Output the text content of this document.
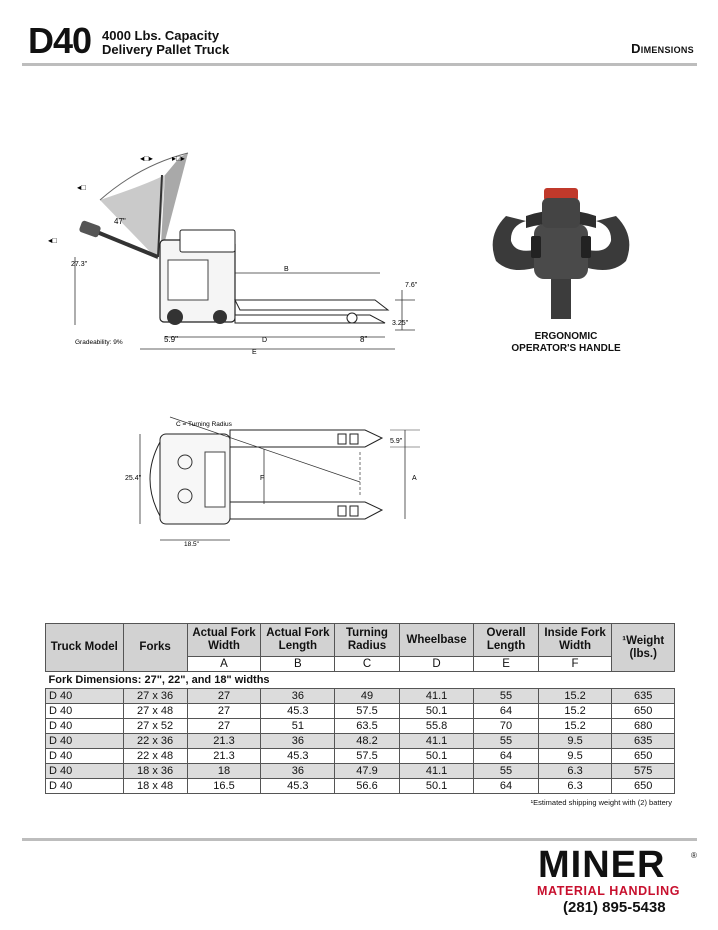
D40 4000 Lbs. Capacity
Delivery Pallet Truck	Dimensions
◂□
◂□
◂□▸ ▸□▸
47"
27.3"
B
7.6"
3.25"
5.9"	D	8"
E
Gradeability: 9%
ERGONOMIC
OPERATOR'S HANDLE
C = Turning Radius
25.4"	F	A
5.9"
18.5"
Truck Model	Forks	Actual Fork Width	Actual Fork Length	Turning Radius	Wheelbase	Overall Length	Inside Fork Width	¹Weight (lbs.)
		A	B	C	D	E	F	
Fork Dimensions: 27", 22", and 18" widths								
D 40	27 x 36	27	36	49	41.1	55	15.2	635
D 40	27 x 48	27	45.3	57.5	50.1	64	15.2	650
D 40	27 x 52	27	51	63.5	55.8	70	15.2	680
D 40	22 x 36	21.3	36	48.2	41.1	55	9.5	635
D 40	22 x 48	21.3	45.3	57.5	50.1	64	9.5	650
D 40	18 x 36	18	36	47.9	41.1	55	6.3	575
D 40	18 x 48	16.5	45.3	56.6	50.1	64	6.3	650
¹Estimated shipping weight with (2) battery
MINER	®
MATERIAL HANDLING
(281) 895-5438
